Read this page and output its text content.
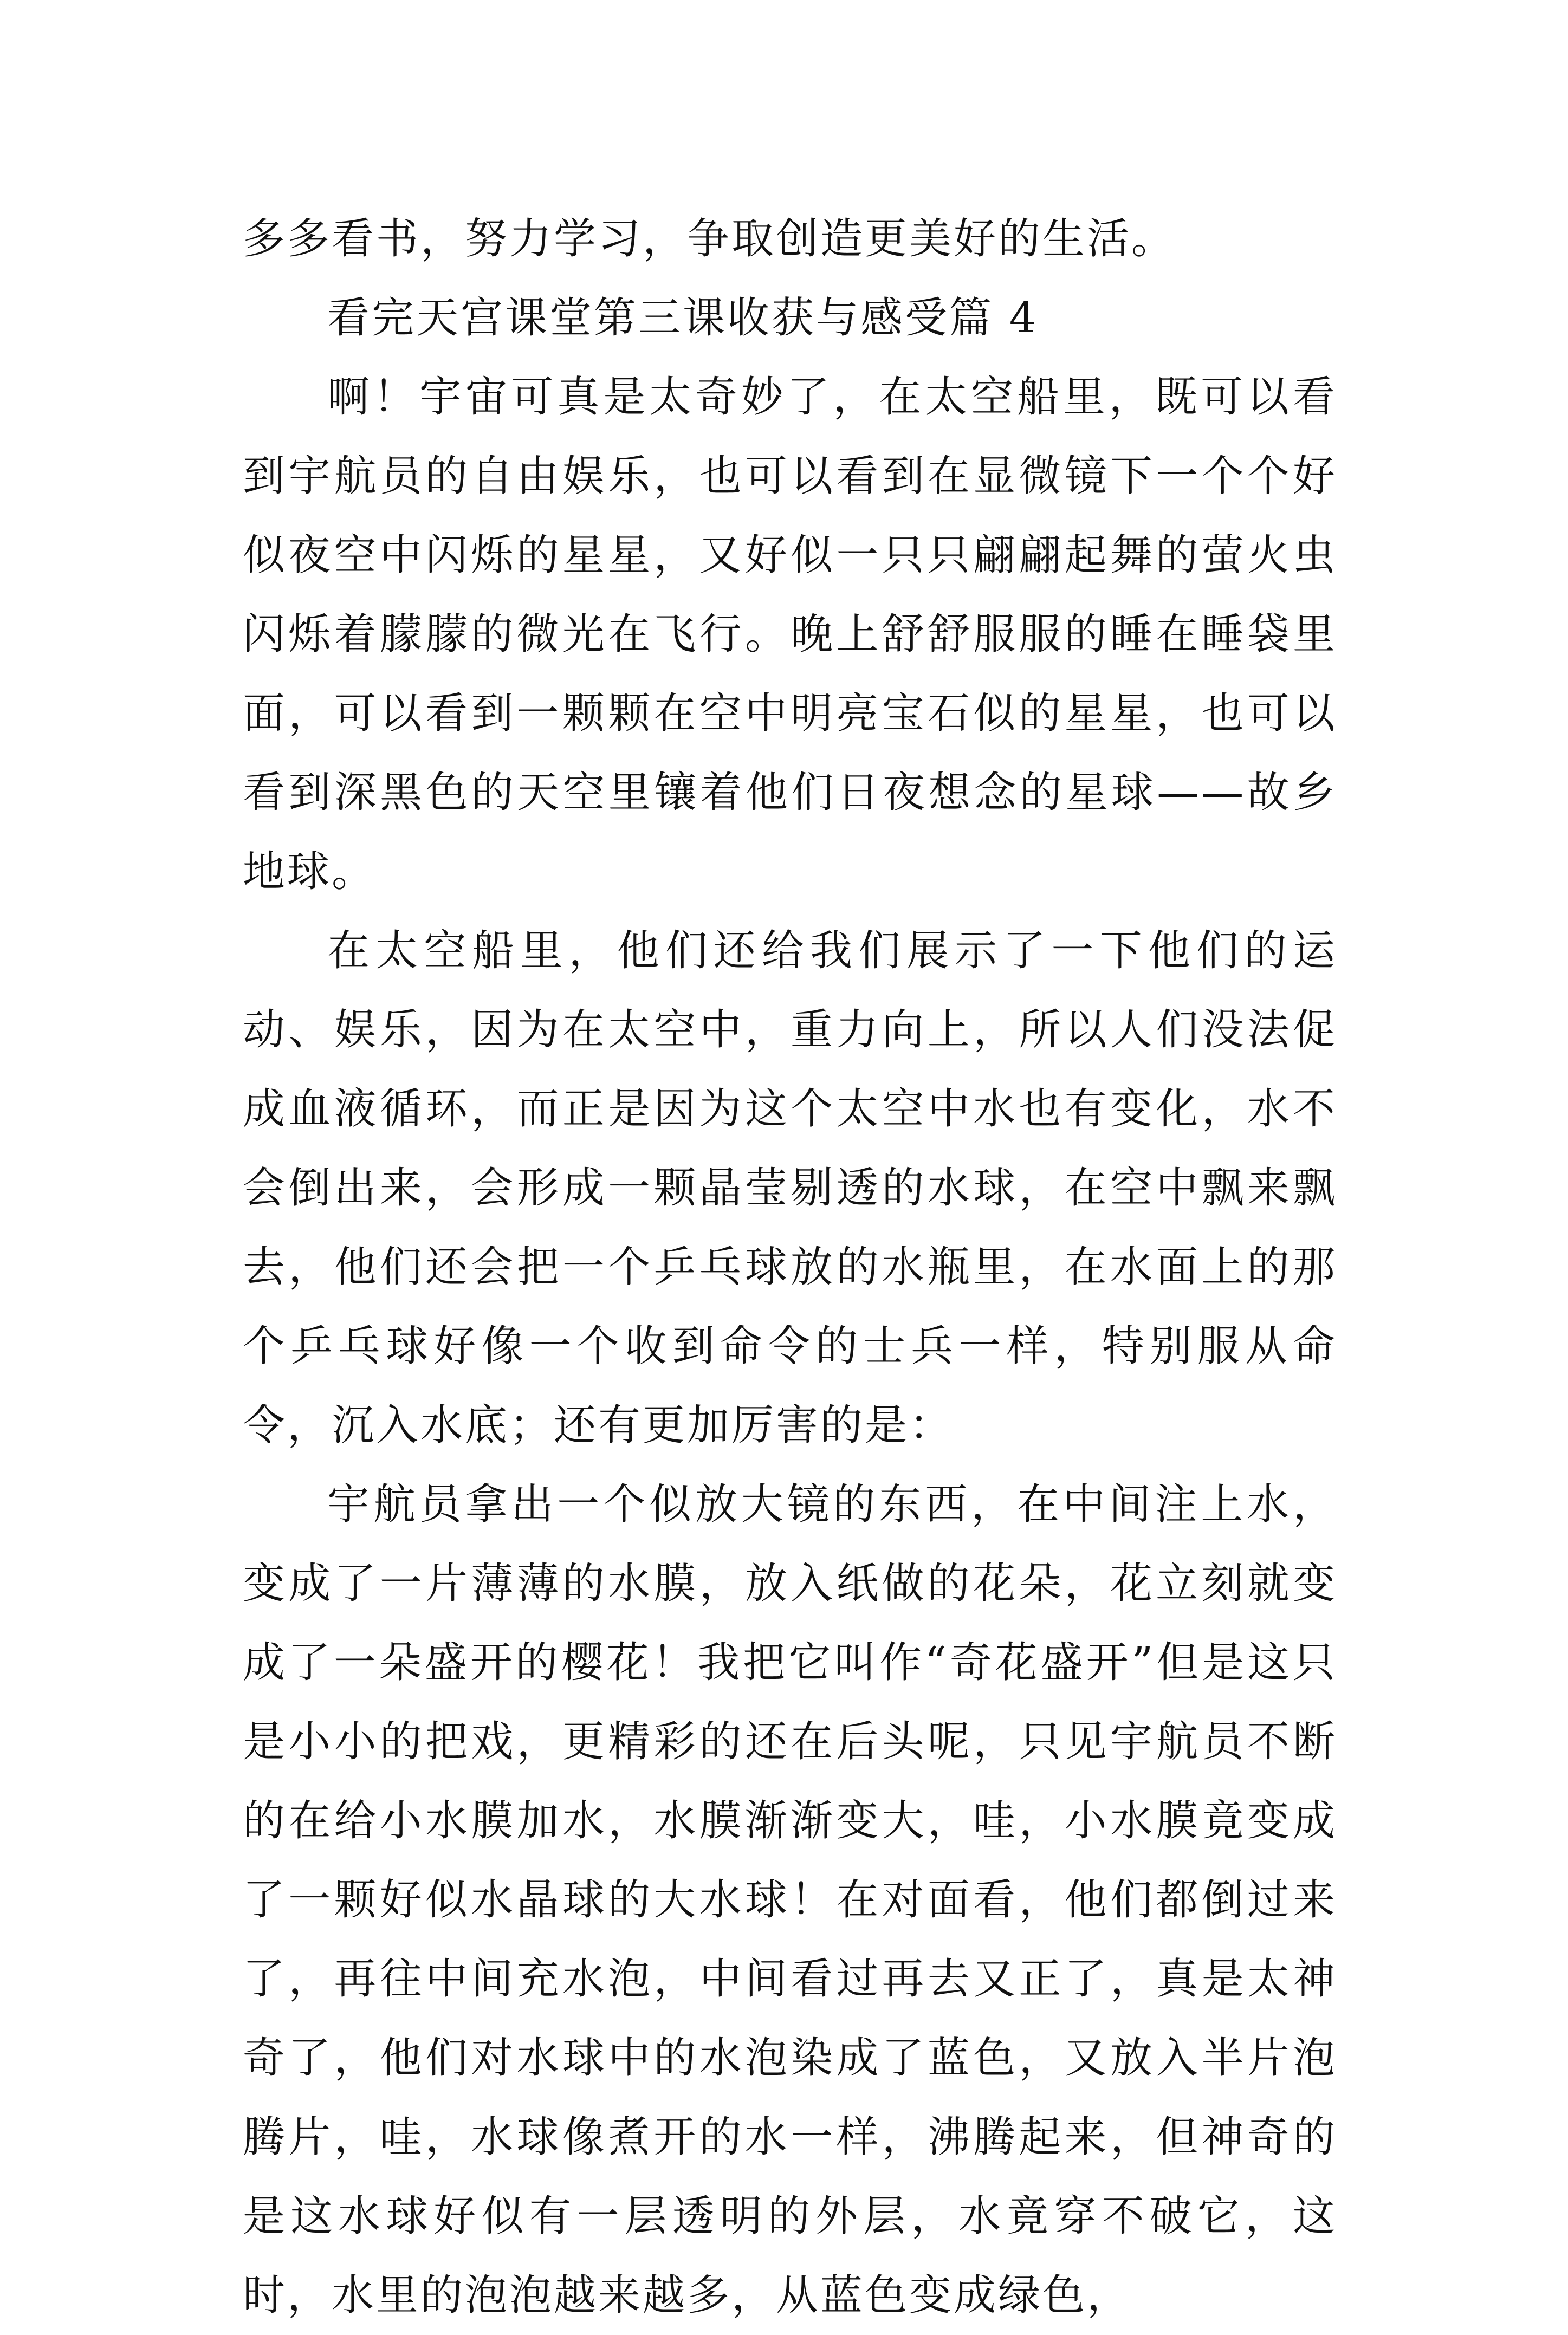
多多看书，努力学习，争取创造更美好的生活。

看完天宫课堂第三课收获与感受篇 4

啊！宇宙可真是太奇妙了，在太空船里，既可以看到宇航员的自由娱乐，也可以看到在显微镜下一个个好似夜空中闪烁的星星，又好似一只只翩翩起舞的萤火虫闪烁着朦朦的微光在飞行。晚上舒舒服服的睡在睡袋里面，可以看到一颗颗在空中明亮宝石似的星星，也可以看到深黑色的天空里镶着他们日夜想念的星球——故乡地球。

在太空船里，他们还给我们展示了一下他们的运动、娱乐，因为在太空中，重力向上，所以人们没法促成血液循环，而正是因为这个太空中水也有变化，水不会倒出来，会形成一颗晶莹剔透的水球，在空中飘来飘去，他们还会把一个乒乓球放的水瓶里，在水面上的那个乒乓球好像一个收到命令的士兵一样，特别服从命令，沉入水底；还有更加厉害的是：

宇航员拿出一个似放大镜的东西，在中间注上水，变成了一片薄薄的水膜，放入纸做的花朵，花立刻就变成了一朵盛开的樱花！我把它叫作“奇花盛开”但是这只是小小的把戏，更精彩的还在后头呢，只见宇航员不断的在给小水膜加水，水膜渐渐变大，哇，小水膜竟变成了一颗好似水晶球的大水球！在对面看，他们都倒过来了，再往中间充水泡，中间看过再去又正了，真是太神奇了，他们对水球中的水泡染成了蓝色，又放入半片泡腾片，哇，水球像煮开的水一样，沸腾起来，但神奇的是这水球好似有一层透明的外层，水竟穿不破它，这时，水里的泡泡越来越多，从蓝色变成绿色，
